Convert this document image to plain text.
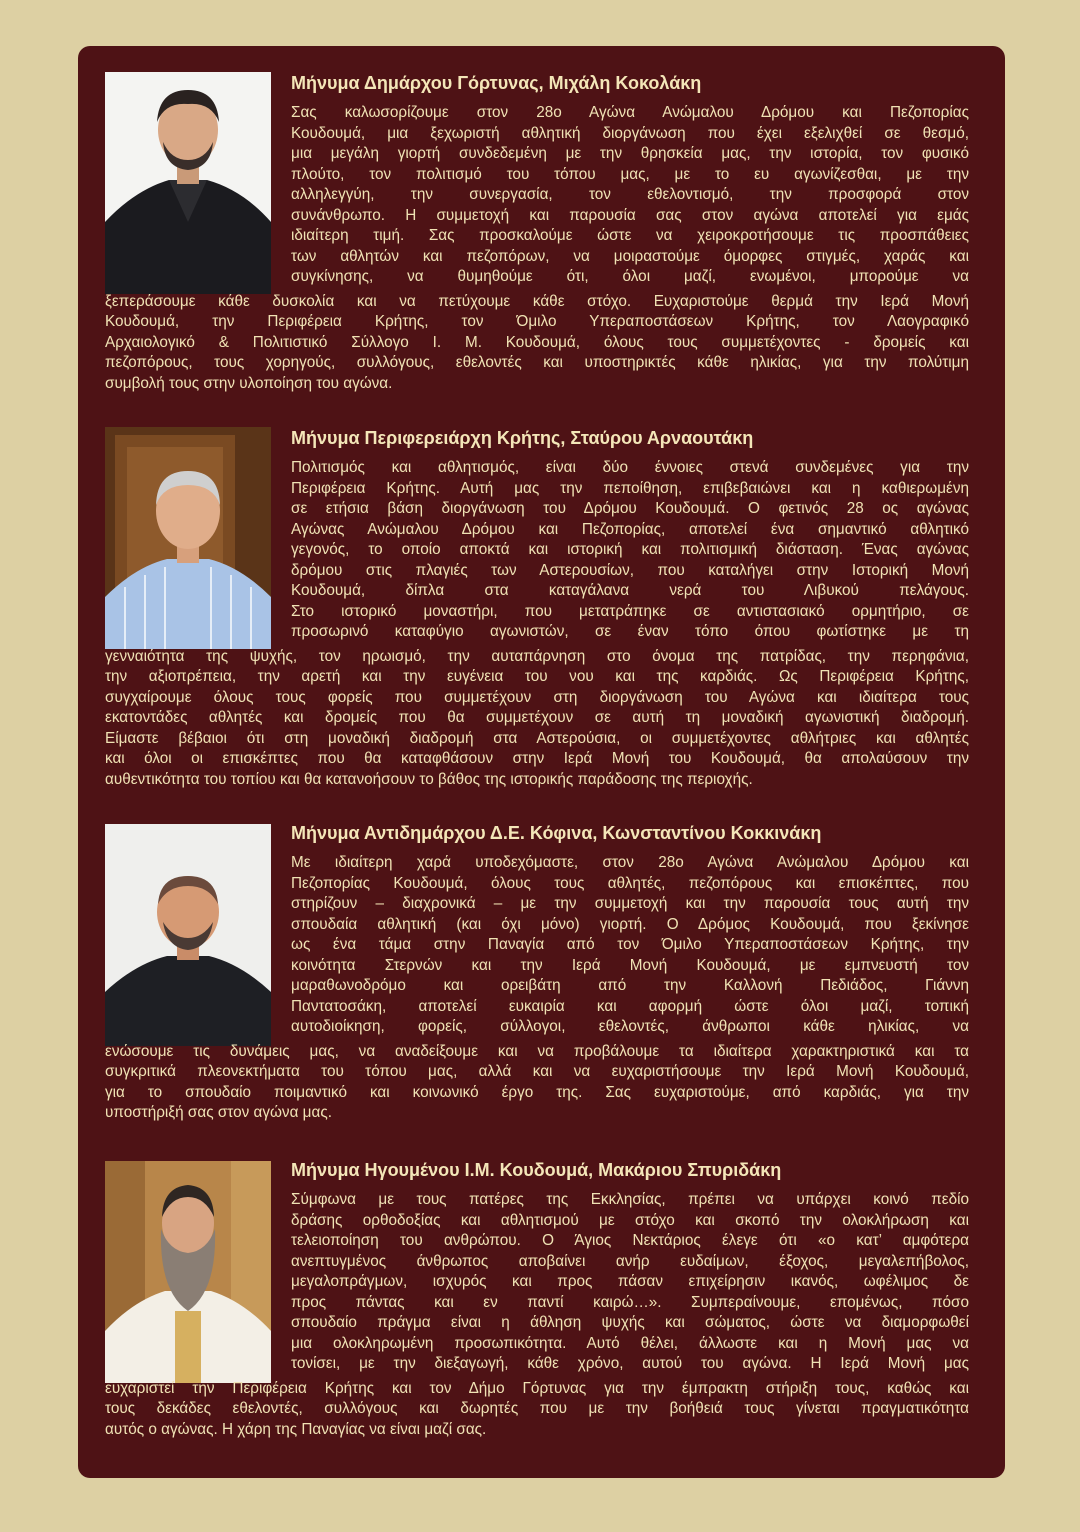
Μήνυμα Δημάρχου Γόρτυνας, Μιχάλη Κοκολάκη

Σας καλωσορίζουμε στον 28ο Αγώνα Ανώμαλου Δρόμου και Πεζοπορίας

Κουδουμά, μια ξεχωριστή αθλητική διοργάνωση που έχει εξελιχθεί σε θεσμό,

μια μεγάλη γιορτή συνδεδεμένη με την θρησκεία μας, την ιστορία, τον φυσικό

πλούτο, τον πολιτισμό του τόπου μας, με το ευ αγωνίζεσθαι, με την

αλληλεγγύη, την συνεργασία, τον εθελοντισμό, την προσφορά στον

συνάνθρωπο. Η συμμετοχή και παρουσία σας στον αγώνα αποτελεί για εμάς

ιδιαίτερη τιμή. Σας προσκαλούμε ώστε να χειροκροτήσουμε τις προσπάθειες

των αθλητών και πεζοπόρων, να μοιραστούμε όμορφες στιγμές, χαράς και

συγκίνησης, να θυμηθούμε ότι, όλοι μαζί, ενωμένοι, μπορούμε να

ξεπεράσουμε κάθε δυσκολία και να πετύχουμε κάθε στόχο. Ευχαριστούμε θερμά την Ιερά Μονή

Κουδουμά, την Περιφέρεια Κρήτης, τον Όμιλο Υπεραποστάσεων Κρήτης, τον Λαογραφικό

Αρχαιολογικό & Πολιτιστικό Σύλλογο Ι. Μ. Κουδουμά, όλους τους συμμετέχοντες - δρομείς και

πεζοπόρους, τους χορηγούς, συλλόγους, εθελοντές και υποστηρικτές κάθε ηλικίας, για την πολύτιμη

συμβολή τους στην υλοποίηση του αγώνα.

Μήνυμα Περιφερειάρχη Κρήτης, Σταύρου Αρναουτάκη

Πολιτισμός και αθλητισμός, είναι δύο έννοιες στενά συνδεμένες για την

Περιφέρεια Κρήτης. Αυτή μας την πεποίθηση, επιβεβαιώνει και η καθιερωμένη

σε ετήσια βάση διοργάνωση του Δρόμου Κουδουμά. Ο φετινός 28 ος αγώνας

Αγώνας Ανώμαλου Δρόμου και Πεζοπορίας, αποτελεί ένα σημαντικό αθλητικό

γεγονός, το οποίο αποκτά και ιστορική και πολιτισμική διάσταση. Ένας αγώνας

δρόμου στις πλαγιές των Αστερουσίων, που καταλήγει στην Ιστορική Μονή

Κουδουμά, δίπλα στα καταγάλανα νερά του Λιβυκού πελάγους.

Στο ιστορικό μοναστήρι, που μετατράπηκε σε αντιστασιακό ορμητήριο, σε

προσωρινό καταφύγιο αγωνιστών, σε έναν τόπο όπου φωτίστηκε με τη

γενναιότητα της ψυχής, τον ηρωισμό, την αυταπάρνηση στο όνομα της πατρίδας, την περηφάνια,

την αξιοπρέπεια, την αρετή και την ευγένεια του νου και της καρδιάς. Ως Περιφέρεια Κρήτης,

συγχαίρουμε όλους τους φορείς που συμμετέχουν στη διοργάνωση του Αγώνα και ιδιαίτερα τους

εκατοντάδες αθλητές και δρομείς που θα συμμετέχουν σε αυτή τη μοναδική αγωνιστική διαδρομή.

Είμαστε βέβαιοι ότι στη μοναδική διαδρομή στα Αστερούσια, οι συμμετέχοντες αθλήτριες και αθλητές

και όλοι οι επισκέπτες που θα καταφθάσουν στην Ιερά Μονή του Κουδουμά, θα απολαύσουν την

αυθεντικότητα του τοπίου και θα κατανοήσουν το βάθος της ιστορικής παράδοσης της περιοχής.

Μήνυμα Αντιδημάρχου Δ.Ε. Κόφινα, Κωνσταντίνου Κοκκινάκη

Με ιδιαίτερη χαρά υποδεχόμαστε, στον 28ο Αγώνα Ανώμαλου Δρόμου και

Πεζοπορίας Κουδουμά, όλους τους αθλητές, πεζοπόρους και επισκέπτες, που

στηρίζουν – διαχρονικά – με την συμμετοχή και την παρουσία τους αυτή την

σπουδαία αθλητική (και όχι μόνο) γιορτή. Ο Δρόμος Κουδουμά, που ξεκίνησε

ως ένα τάμα στην Παναγία από τον Όμιλο Υπεραποστάσεων Κρήτης, την

κοινότητα Στερνών και την Ιερά Μονή Κουδουμά, με εμπνευστή τον

μαραθωνοδρόμο και ορειβάτη από την Καλλονή Πεδιάδος, Γιάννη

Παντατοσάκη, αποτελεί ευκαιρία και αφορμή ώστε όλοι μαζί, τοπική

αυτοδιοίκηση, φορείς, σύλλογοι, εθελοντές, άνθρωποι κάθε ηλικίας, να

ενώσουμε τις δυνάμεις μας, να αναδείξουμε και να προβάλουμε τα ιδιαίτερα χαρακτηριστικά και τα

συγκριτικά πλεονεκτήματα του τόπου μας, αλλά και να ευχαριστήσουμε την Ιερά Μονή Κουδουμά,

για το σπουδαίο ποιμαντικό και κοινωνικό έργο της. Σας ευχαριστούμε, από καρδιάς, για την

υποστήριξή σας στον αγώνα μας.

Μήνυμα Ηγουμένου Ι.Μ. Κουδουμά, Μακάριου Σπυριδάκη

Σύμφωνα με τους πατέρες της Εκκλησίας, πρέπει να υπάρχει κοινό πεδίο

δράσης ορθοδοξίας και αθλητισμού με στόχο και σκοπό την ολοκλήρωση και

τελειοποίηση του ανθρώπου. Ο Άγιος Νεκτάριος έλεγε ότι «ο κατ’ αμφότερα

ανεπτυγμένος άνθρωπος αποβαίνει ανήρ ευδαίμων, έξοχος, μεγαλεπήβολος,

μεγαλοπράγμων, ισχυρός και προς πάσαν επιχείρησιν ικανός, ωφέλιμος δε

προς πάντας και εν παντί καιρώ…». Συμπεραίνουμε, επομένως, πόσο

σπουδαίο πράγμα είναι η άθληση ψυχής και σώματος, ώστε να διαμορφωθεί

μια ολοκληρωμένη προσωπικότητα. Αυτό θέλει, άλλωστε και η Μονή μας να

τονίσει, με την διεξαγωγή, κάθε χρόνο, αυτού του αγώνα. Η Ιερά Μονή μας

ευχαριστεί την Περιφέρεια Κρήτης και τον Δήμο Γόρτυνας για την έμπρακτη στήριξη τους, καθώς και

τους δεκάδες εθελοντές, συλλόγους και δωρητές που με την βοήθειά τους γίνεται πραγματικότητα

αυτός ο αγώνας. Η χάρη της Παναγίας να είναι μαζί σας.
